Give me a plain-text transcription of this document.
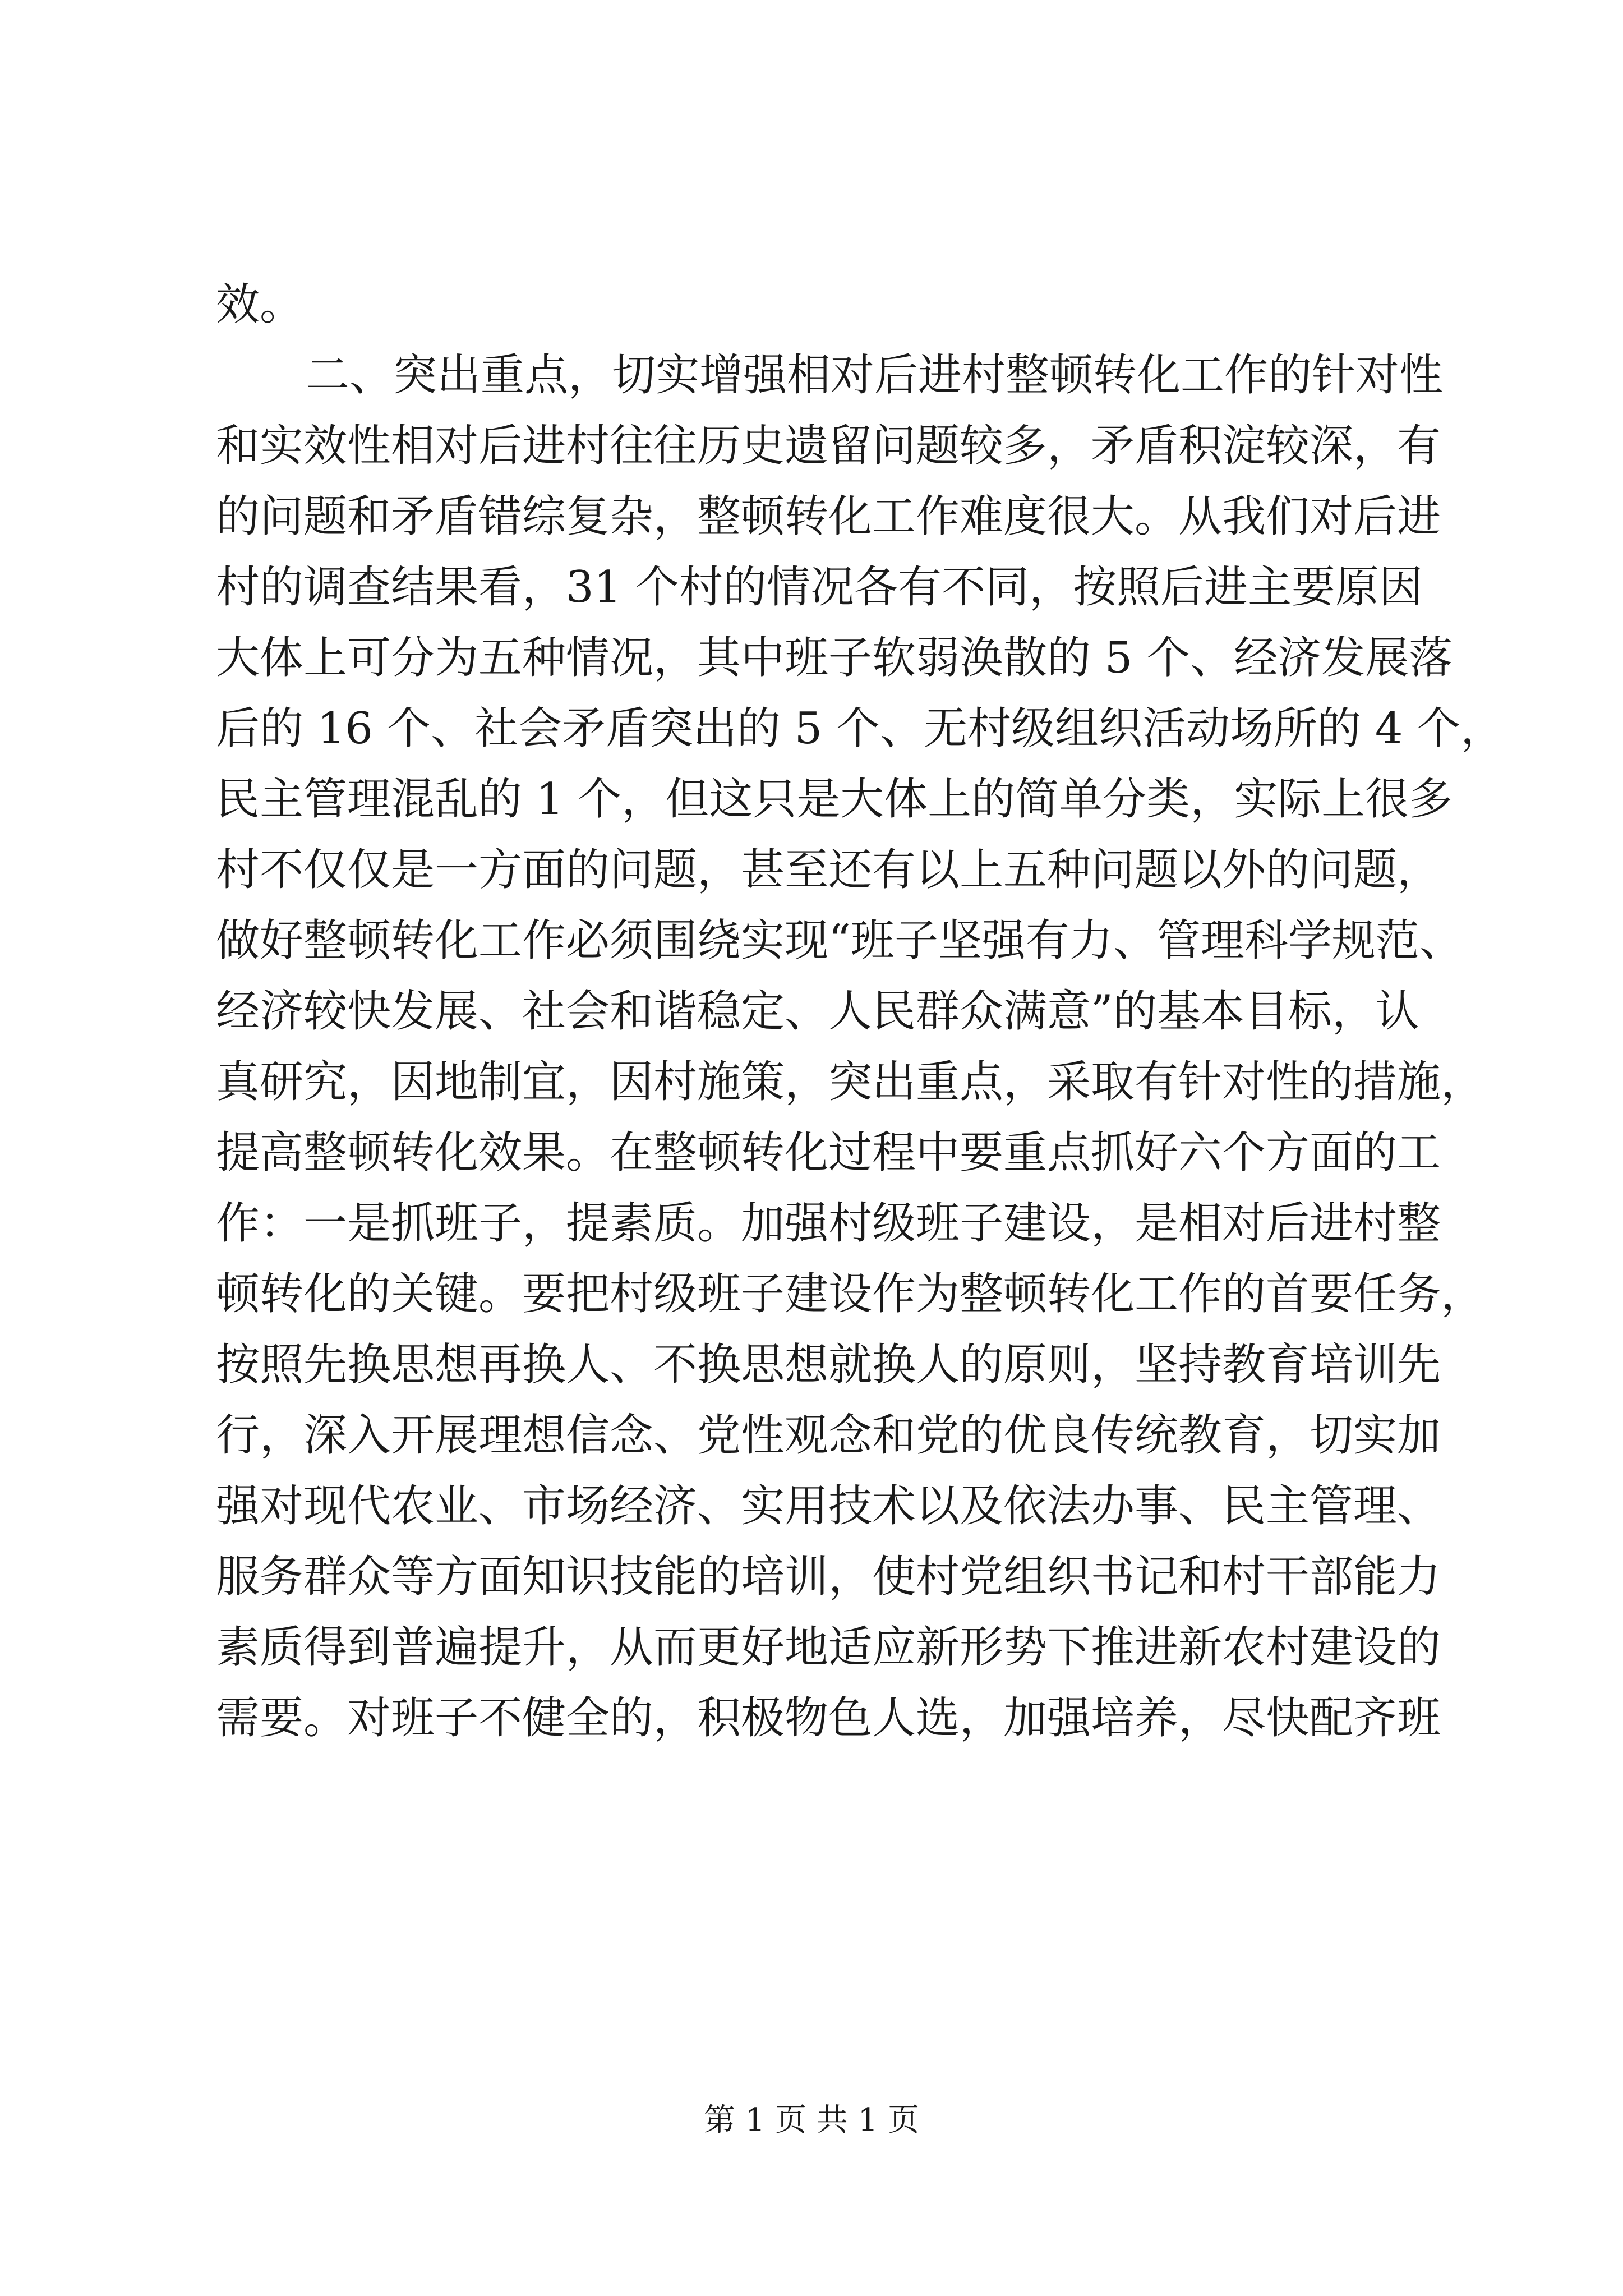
效。
二、突出重点，切实增强相对后进村整顿转化工作的针对性
和实效性相对后进村往往历史遗留问题较多，矛盾积淀较深，有
的问题和矛盾错综复杂，整顿转化工作难度很大。从我们对后进
村的调查结果看，31 个村的情况各有不同，按照后进主要原因
大体上可分为五种情况，其中班子软弱涣散的 5 个、经济发展落
后的 16 个、社会矛盾突出的 5 个、无村级组织活动场所的 4 个，
民主管理混乱的 1 个，但这只是大体上的简单分类，实际上很多
村不仅仅是一方面的问题，甚至还有以上五种问题以外的问题，
做好整顿转化工作必须围绕实现“班子坚强有力、管理科学规范、
经济较快发展、社会和谐稳定、人民群众满意”的基本目标，认
真研究，因地制宜，因村施策，突出重点，采取有针对性的措施，
提高整顿转化效果。在整顿转化过程中要重点抓好六个方面的工
作：一是抓班子，提素质。加强村级班子建设，是相对后进村整
顿转化的关键。要把村级班子建设作为整顿转化工作的首要任务，
按照先换思想再换人、不换思想就换人的原则，坚持教育培训先
行，深入开展理想信念、党性观念和党的优良传统教育，切实加
强对现代农业、市场经济、实用技术以及依法办事、民主管理、
服务群众等方面知识技能的培训，使村党组织书记和村干部能力
素质得到普遍提升，从而更好地适应新形势下推进新农村建设的
需要。对班子不健全的，积极物色人选，加强培养，尽快配齐班
第 1 页 共 1 页
